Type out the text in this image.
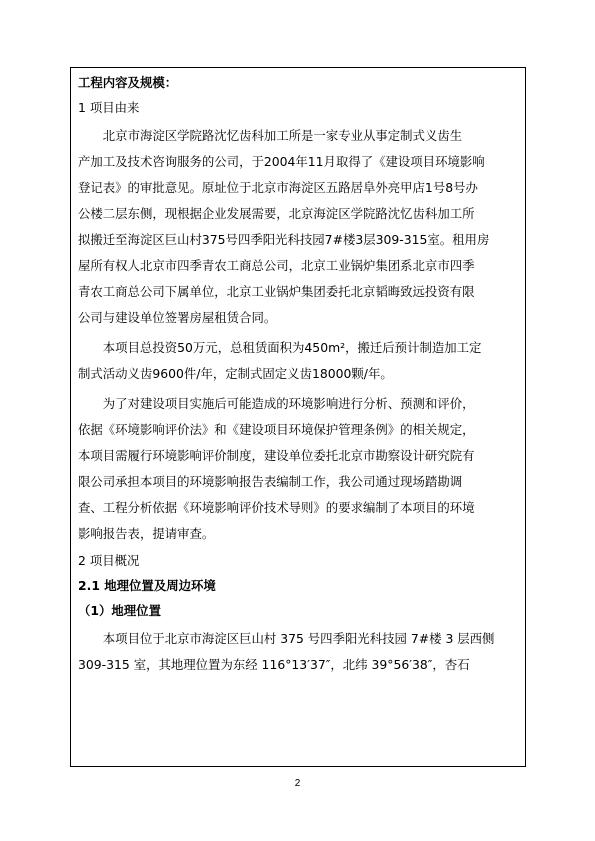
工程内容及规模：
1 项目由来
北京市海淀区学院路沈忆齿科加工所是一家专业从事定制式义齿生
产加工及技术咨询服务的公司，于2004年11月取得了《建设项目环境影响
登记表》的审批意见。原址位于北京市海淀区五路居阜外亮甲店1号8号办
公楼二层东侧，现根据企业发展需要，北京海淀区学院路沈忆齿科加工所
拟搬迁至海淀区巨山村375号四季阳光科技园7#楼3层309-315室。租用房
屋所有权人北京市四季青农工商总公司，北京工业锅炉集团系北京市四季
青农工商总公司下属单位，北京工业锅炉集团委托北京韬晦致远投资有限
公司与建设单位签署房屋租赁合同。
本项目总投资50万元，总租赁面积为450m²，搬迁后预计制造加工定
制式活动义齿9600件/年，定制式固定义齿18000颗/年。
为了对建设项目实施后可能造成的环境影响进行分析、预测和评价，
依据《环境影响评价法》和《建设项目环境保护管理条例》的相关规定，
本项目需履行环境影响评价制度，建设单位委托北京市勘察设计研究院有
限公司承担本项目的环境影响报告表编制工作，我公司通过现场踏勘调
查、工程分析依据《环境影响评价技术导则》的要求编制了本项目的环境
影响报告表，提请审查。
2 项目概况
2.1 地理位置及周边环境
（1）地理位置
本项目位于北京市海淀区巨山村 375 号四季阳光科技园 7#楼 3 层西侧
309-315 室，其地理位置为东经 116°13′37″，北纬 39°56′38″，杏石
2
